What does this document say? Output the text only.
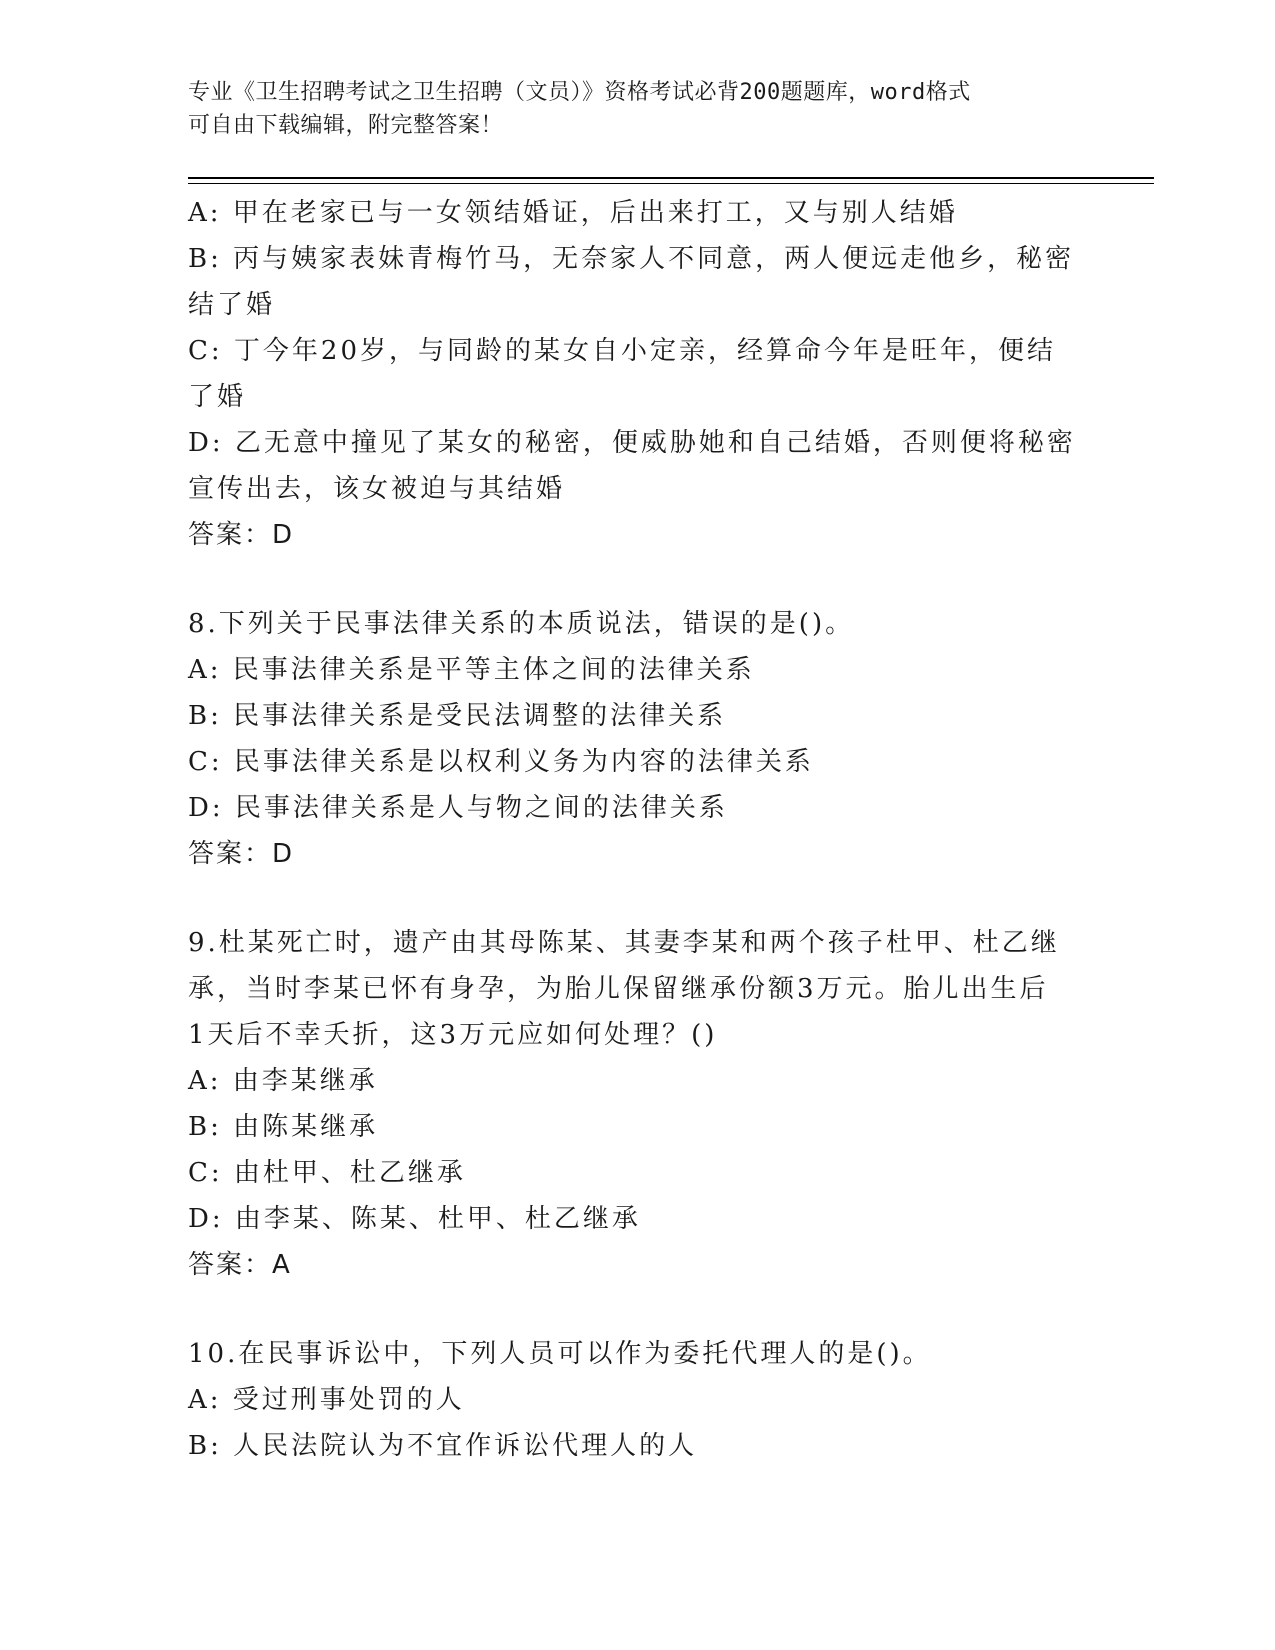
专业《卫生招聘考试之卫生招聘（文员）》资格考试必背200题题库，word格式
可自由下载编辑，附完整答案！
A: 甲在老家已与一女领结婚证，后出来打工，又与别人结婚
B: 丙与姨家表妹青梅竹马，无奈家人不同意，两人便远走他乡，秘密
结了婚
C: 丁今年20岁，与同龄的某女自小定亲，经算命今年是旺年，便结
了婚
D: 乙无意中撞见了某女的秘密，便威胁她和自己结婚，否则便将秘密
宣传出去，该女被迫与其结婚
答案：D
8.下列关于民事法律关系的本质说法，错误的是()。
A: 民事法律关系是平等主体之间的法律关系
B: 民事法律关系是受民法调整的法律关系
C: 民事法律关系是以权利义务为内容的法律关系
D: 民事法律关系是人与物之间的法律关系
答案：D
9.杜某死亡时，遗产由其母陈某、其妻李某和两个孩子杜甲、杜乙继
承，当时李某已怀有身孕，为胎儿保留继承份额3万元。胎儿出生后
1天后不幸夭折，这3万元应如何处理？()
A: 由李某继承
B: 由陈某继承
C: 由杜甲、杜乙继承
D: 由李某、陈某、杜甲、杜乙继承
答案：A
10.在民事诉讼中，下列人员可以作为委托代理人的是()。
A: 受过刑事处罚的人
B: 人民法院认为不宜作诉讼代理人的人
